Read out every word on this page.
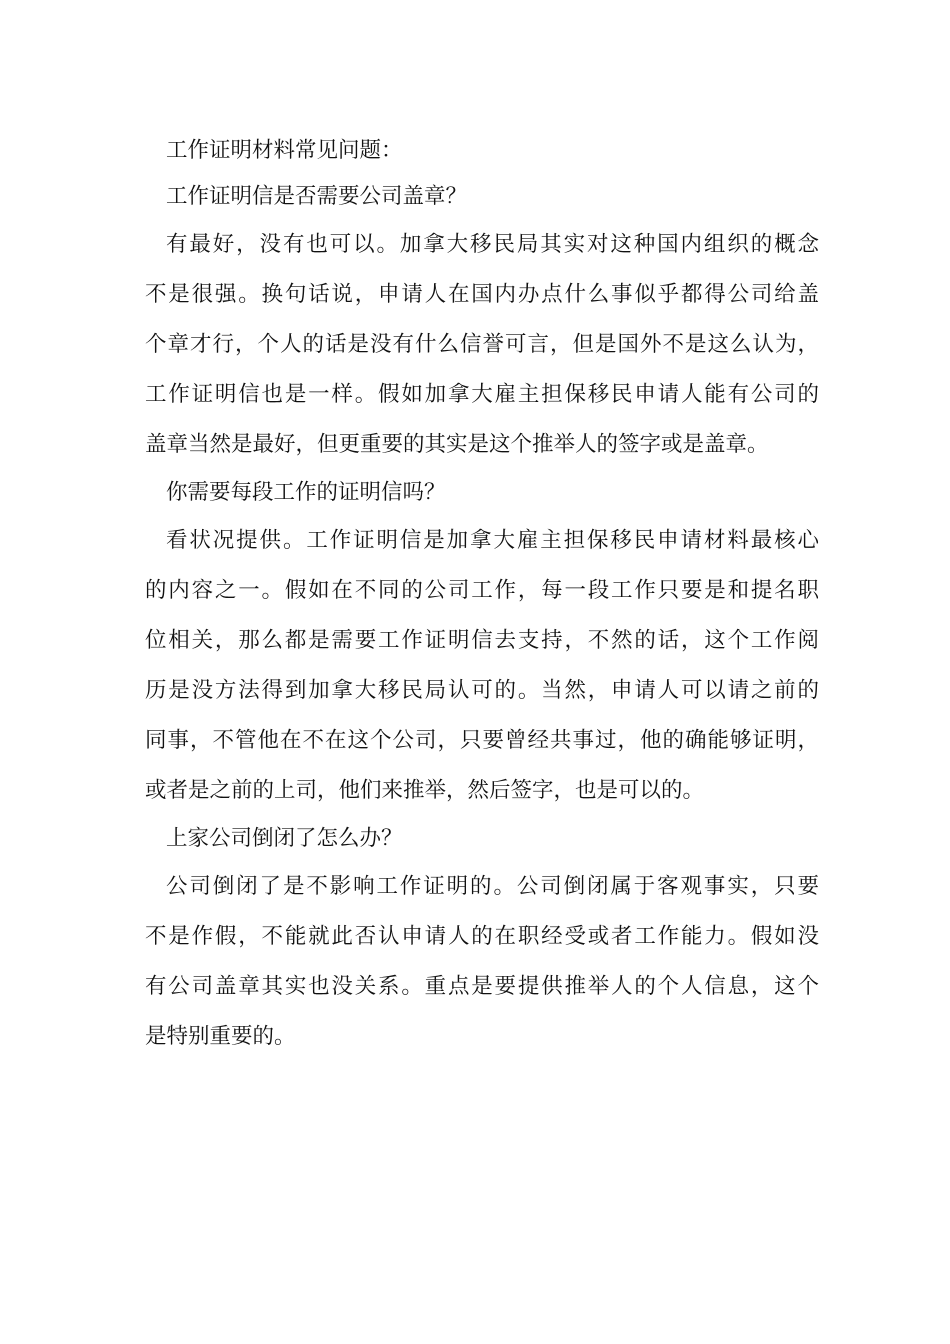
工作证明材料常见问题：
工作证明信是否需要公司盖章？
有最好，没有也可以。加拿大移民局其实对这种国内组织的概念
不是很强。换句话说，申请人在国内办点什么事似乎都得公司给盖
个章才行，个人的话是没有什么信誉可言，但是国外不是这么认为，
工作证明信也是一样。假如加拿大雇主担保移民申请人能有公司的
盖章当然是最好，但更重要的其实是这个推举人的签字或是盖章。
你需要每段工作的证明信吗？
看状况提供。工作证明信是加拿大雇主担保移民申请材料最核心
的内容之一。假如在不同的公司工作，每一段工作只要是和提名职
位相关，那么都是需要工作证明信去支持，不然的话，这个工作阅
历是没方法得到加拿大移民局认可的。当然，申请人可以请之前的
同事，不管他在不在这个公司，只要曾经共事过，他的确能够证明，
或者是之前的上司，他们来推举，然后签字，也是可以的。
上家公司倒闭了怎么办？
公司倒闭了是不影响工作证明的。公司倒闭属于客观事实，只要
不是作假，不能就此否认申请人的在职经受或者工作能力。假如没
有公司盖章其实也没关系。重点是要提供推举人的个人信息，这个
是特别重要的。
